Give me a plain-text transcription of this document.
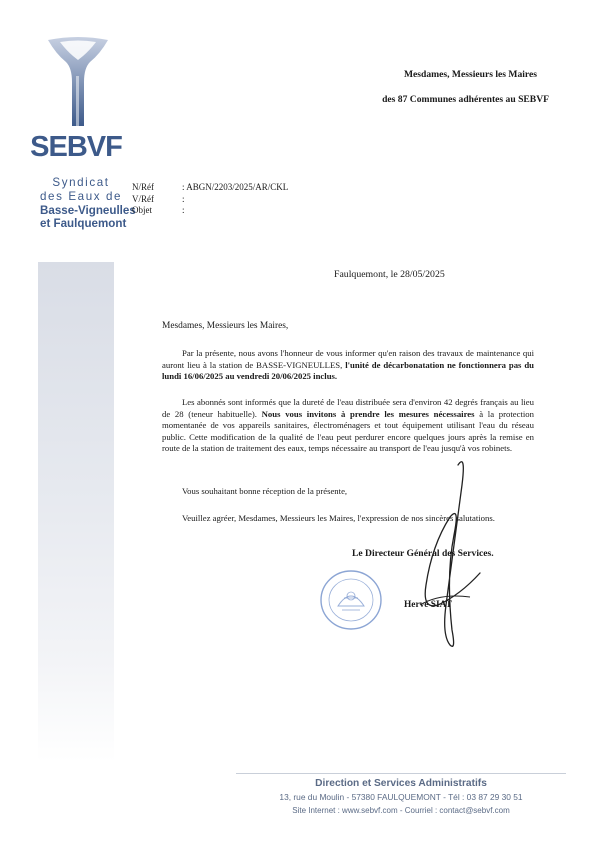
SEBVF
Syndicat
des Eaux de
Basse-Vigneulles
et Faulquemont
Mesdames, Messieurs les Maires
des 87 Communes adhérentes au SEBVF
N/Réf	: ABGN/2203/2025/AR/CKL
V/Réf	:
Objet	:
Faulquemont, le 28/05/2025
Mesdames, Messieurs les Maires,
Par la présente, nous avons l'honneur de vous informer qu'en raison des travaux de maintenance qui auront lieu à la station de BASSE-VIGNEULLES, l'unité de décarbonatation ne fonctionnera pas du lundi 16/06/2025 au vendredi 20/06/2025 inclus.
Les abonnés sont informés que la dureté de l'eau distribuée sera d'environ 42 degrés français au lieu de 28 (teneur habituelle). Nous vous invitons à prendre les mesures nécessaires à la protection momentanée de vos appareils sanitaires, électroménagers et tout équipement utilisant l'eau du réseau public. Cette modification de la qualité de l'eau peut perdurer encore quelques jours après la remise en route de la station de traitement des eaux, temps nécessaire au transport de l'eau jusqu'à vos robinets.
Vous souhaitant bonne réception de la présente,
Veuillez agréer, Mesdames, Messieurs les Maires, l'expression de nos sincères salutations.
Le Directeur Général des Services.
Hervé SIAT
Direction et Services Administratifs
13, rue du Moulin - 57380 FAULQUEMONT - Tél : 03 87 29 30 51
Site Internet : www.sebvf.com - Courriel : contact@sebvf.com
